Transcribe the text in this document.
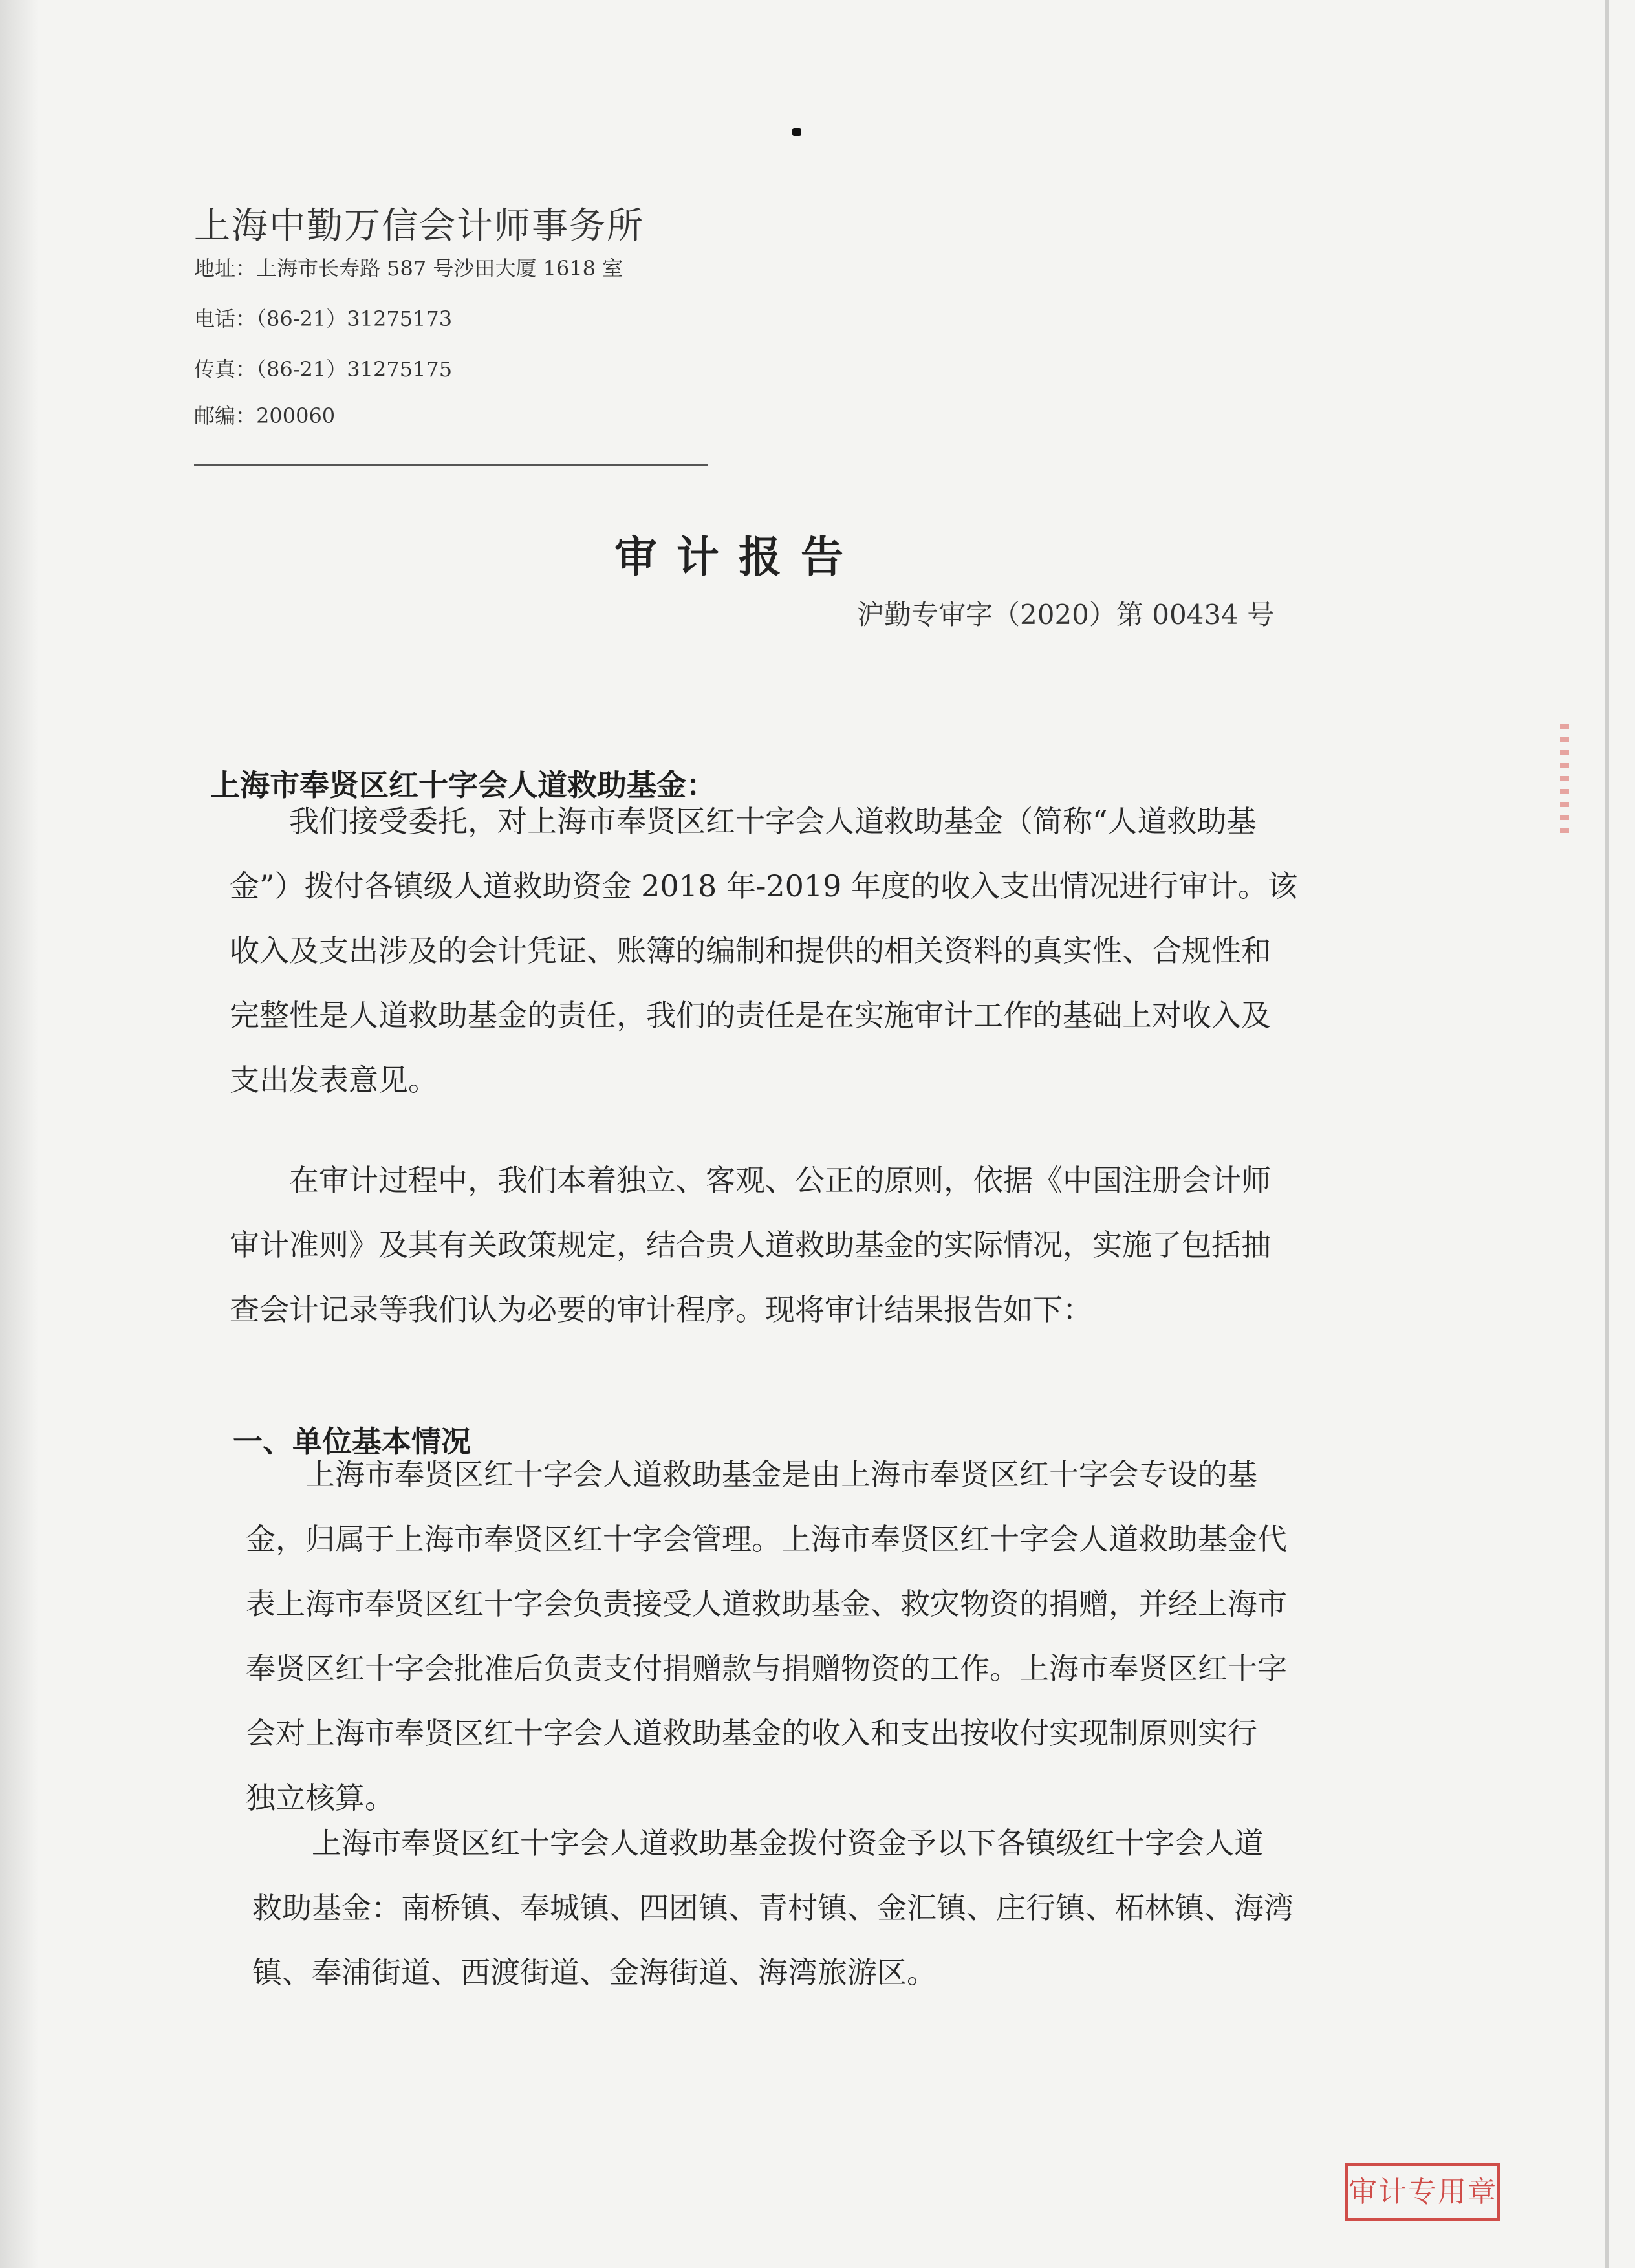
上海中勤万信会计师事务所
地址：上海市长寿路 587 号沙田大厦 1618 室
电话：（86-21）31275173
传真：（86-21）31275175
邮编：200060
审计报告
沪勤专审字（2020）第 00434 号
上海市奉贤区红十字会人道救助基金：
我们接受委托，对上海市奉贤区红十字会人道救助基金（简称“人道救助基
金”）拨付各镇级人道救助资金 2018 年-2019 年度的收入支出情况进行审计。该
收入及支出涉及的会计凭证、账簿的编制和提供的相关资料的真实性、合规性和
完整性是人道救助基金的责任，我们的责任是在实施审计工作的基础上对收入及
支出发表意见。
在审计过程中，我们本着独立、客观、公正的原则，依据《中国注册会计师
审计准则》及其有关政策规定，结合贵人道救助基金的实际情况，实施了包括抽
查会计记录等我们认为必要的审计程序。现将审计结果报告如下：
一、单位基本情况
上海市奉贤区红十字会人道救助基金是由上海市奉贤区红十字会专设的基
金，归属于上海市奉贤区红十字会管理。上海市奉贤区红十字会人道救助基金代
表上海市奉贤区红十字会负责接受人道救助基金、救灾物资的捐赠，并经上海市
奉贤区红十字会批准后负责支付捐赠款与捐赠物资的工作。上海市奉贤区红十字
会对上海市奉贤区红十字会人道救助基金的收入和支出按收付实现制原则实行
独立核算。
上海市奉贤区红十字会人道救助基金拨付资金予以下各镇级红十字会人道
救助基金：南桥镇、奉城镇、四团镇、青村镇、金汇镇、庄行镇、柘林镇、海湾
镇、奉浦街道、西渡街道、金海街道、海湾旅游区。
审计专用章
